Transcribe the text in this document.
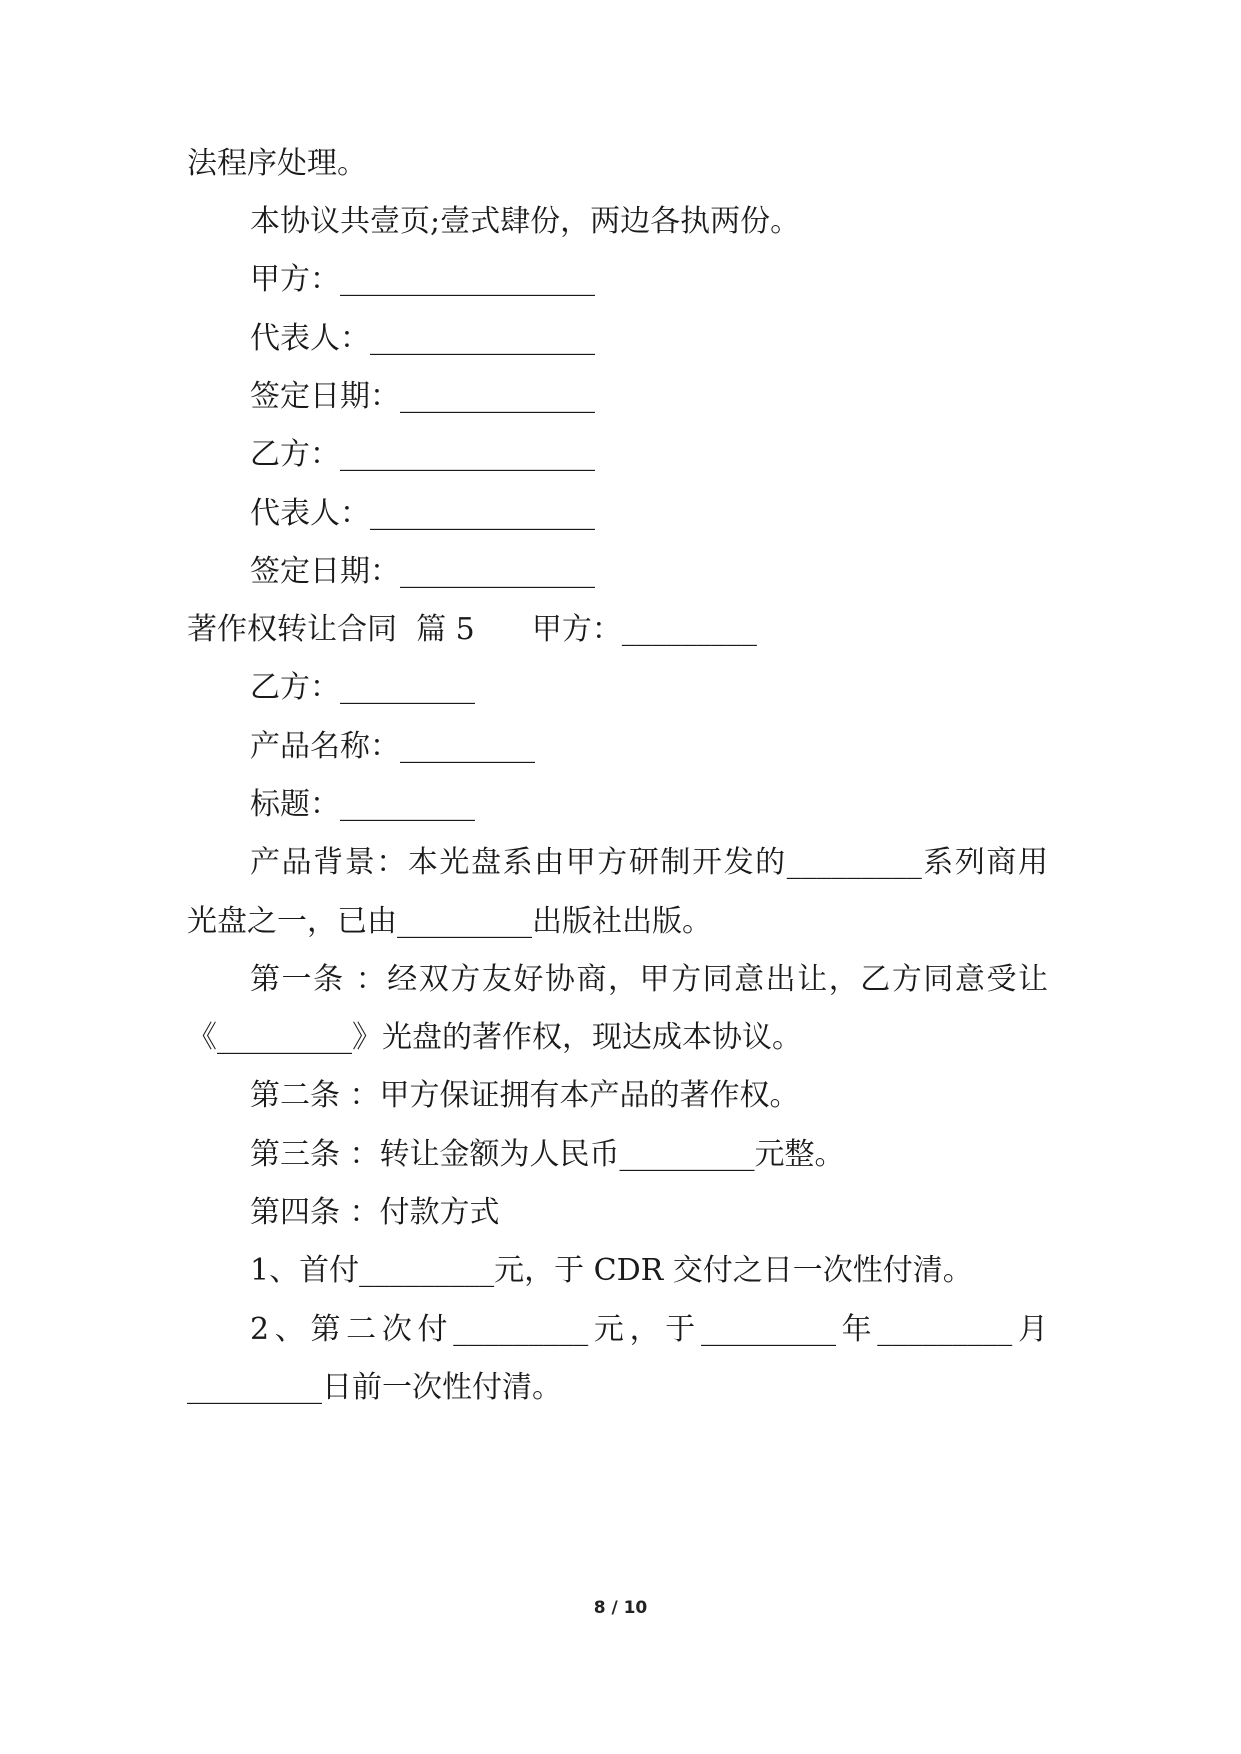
法程序处理。
本协议共壹页;壹式肆份，两边各执两份。
甲方：_________________
代表人：_______________
签定日期：_____________
乙方：_________________
代表人：_______________
签定日期：_____________
著作权转让合同  篇 5      甲方：_________
乙方：_________
产品名称：_________
标题：_________
产品背景：本光盘系由甲方研制开发的_________系列商用
光盘之一，已由_________出版社出版。
第一条 ：经双方友好协商，甲方同意出让，乙方同意受让
《_________》光盘的著作权，现达成本协议。
第二条 ：甲方保证拥有本产品的著作权。
第三条 ：转让金额为人民币_________元整。
第四条 ：付款方式
1、首付_________元，于 CDR 交付之日一次性付清。
2、第二次付_________元，于_________年_________月
_________日前一次性付清。
8 / 10
